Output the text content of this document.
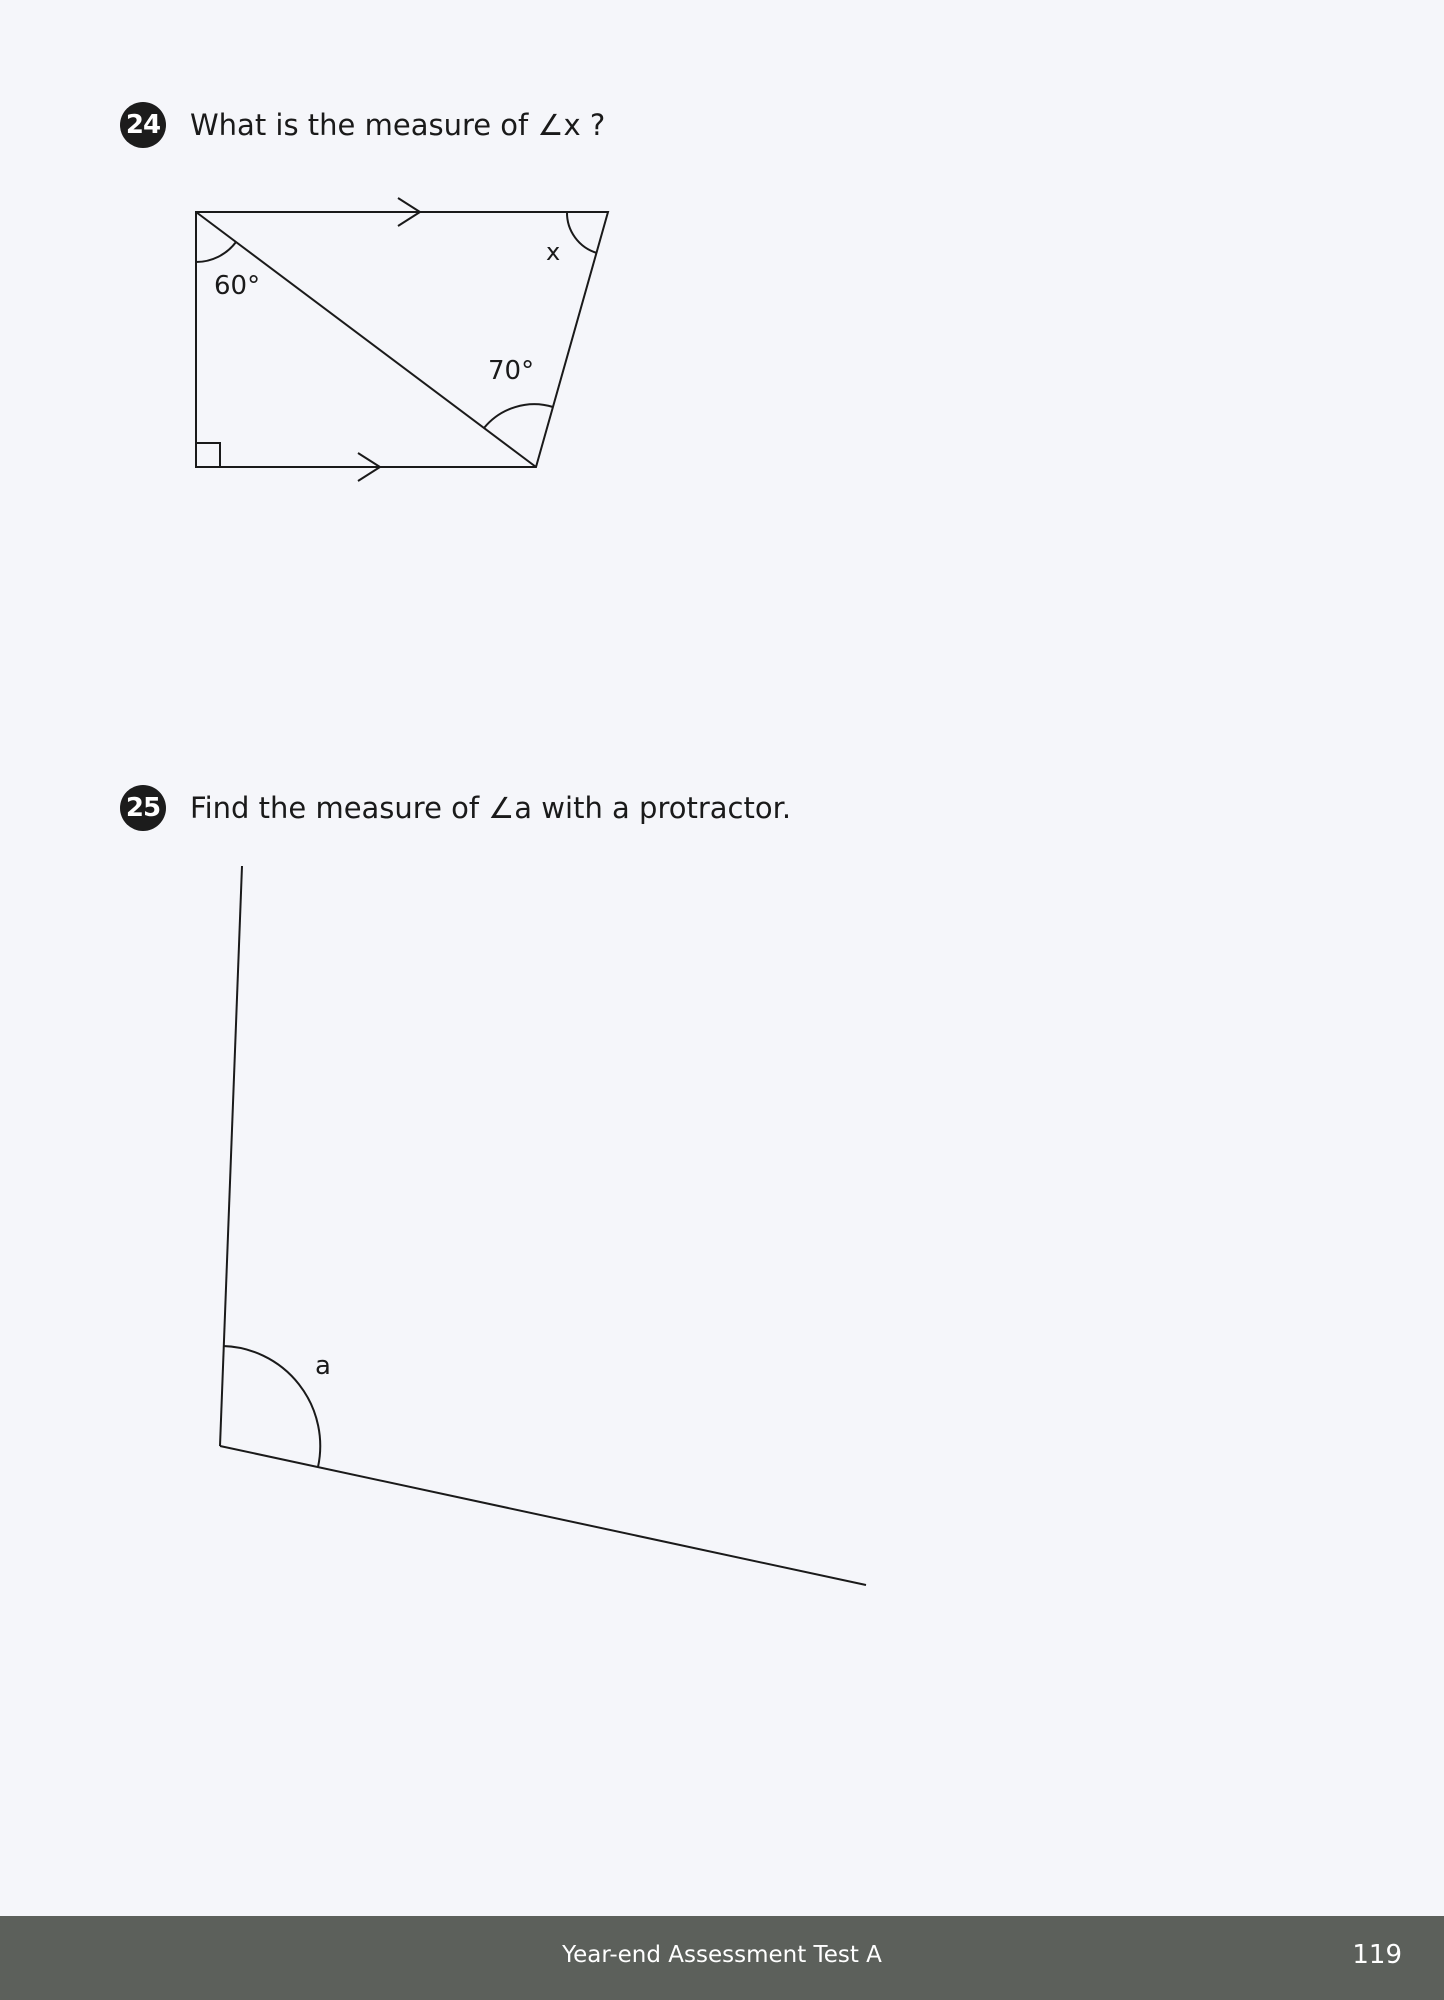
24 What is the measure of ∠x ?
60°
x
70°
a
25 Find the measure of ∠a with a protractor.
Year-end Assessment Test A	119
